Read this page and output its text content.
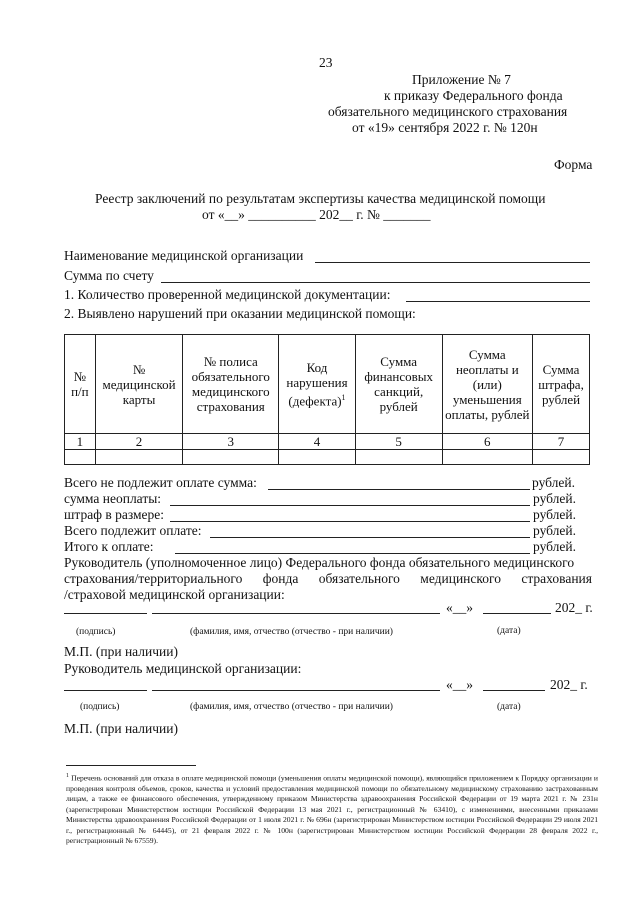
23
Приложение № 7
к приказу Федерального фонда
обязательного медицинского страхования
от «19» сентября 2022 г. № 120н
Форма
Реестр заключений по результатам экспертизы качества медицинской помощи
от «__» __________ 202__ г. № _______
Наименование медицинской организации
Сумма по счету
1. Количество проверенной медицинской документации:
2. Выявлено нарушений при оказании медицинской помощи:
№ п/п	№ медицинской карты	№ полиса обязательного медицинского страхования	Код нарушения (дефекта)$^1$	Сумма финансовых санкций, рублей	Сумма неоплаты и (или) уменьшения оплаты, рублей	Сумма штрафа, рублей
1	2	3	4	5	6	7

Всего не подлежит оплате сумма:	рублей.
сумма неоплаты:	рублей.
штраф в размере:	рублей.
Всего подлежит оплате:	рублей.
Итого к оплате:	рублей.
Руководитель (уполномоченное лицо) Федерального фонда обязательного медицинского
страхования/территориального фонда обязательного медицинского страхования
/страховой медицинской организации:
«__»	202_ г.
(подпись)	(фамилия, имя, отчество (отчество - при наличии)	(дата)
М.П. (при наличии)
Руководитель медицинской организации:
«__»	202_ г.
(подпись)	(фамилия, имя, отчество (отчество - при наличии)	(дата)
М.П. (при наличии)
$^1$ Перечень оснований для отказа в оплате медицинской помощи (уменьшения оплаты медицинской помощи), являющийся приложением к Порядку организации и проведения контроля объемов, сроков, качества и условий предоставления медицинской помощи по обязательному медицинскому страхованию застрахованным лицам, а также ее финансового обеспечения, утвержденному приказом Министерства здравоохранения Российской Федерации от 19 марта 2021 г. № 231н (зарегистрирован Министерством юстиции Российской Федерации 13 мая 2021 г., регистрационный № 63410), с изменениями, внесенными приказами Министерства здравоохранения Российской Федерации от 1 июля 2021 г. № 696н (зарегистрирован Министерством юстиции Российской Федерации 29 июля 2021 г., регистрационный № 64445), от 21 февраля 2022 г. № 100н (зарегистрирован Министерством юстиции Российской Федерации 28 февраля 2022 г., регистрационный № 67559).
